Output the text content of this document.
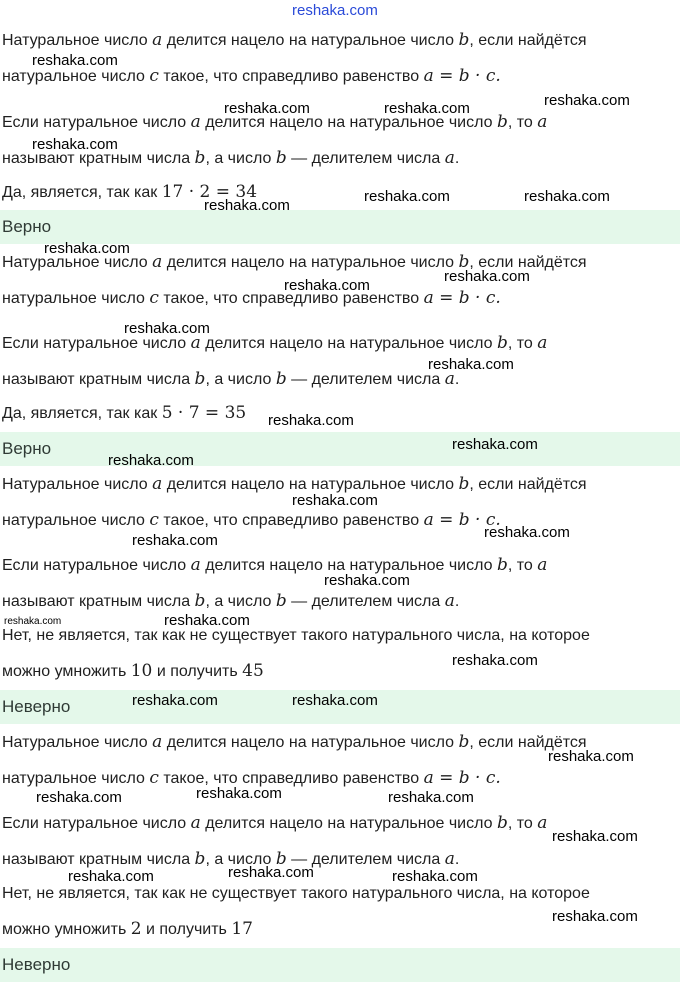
reshaka.com
Натуральное число a делится нацело на натуральное число b, если найдётся
натуральное число c такое, что справедливо равенство a = b · c.
Если натуральное число a делится нацело на натуральное число b, то a
называют кратным числа b, а число b — делителем числа a.
Да, является, так как 17 · 2 = 34
Верно
Натуральное число a делится нацело на натуральное число b, если найдётся
натуральное число c такое, что справедливо равенство a = b · c.
Если натуральное число a делится нацело на натуральное число b, то a
называют кратным числа b, а число b — делителем числа a.
Да, является, так как 5 · 7 = 35
Верно
Натуральное число a делится нацело на натуральное число b, если найдётся
натуральное число c такое, что справедливо равенство a = b · c.
Если натуральное число a делится нацело на натуральное число b, то a
называют кратным числа b, а число b — делителем числа a.
Нет, не является, так как не существует такого натурального числа, на которое
можно умножить 10 и получить 45
Неверно
Натуральное число a делится нацело на натуральное число b, если найдётся
натуральное число c такое, что справедливо равенство a = b · c.
Если натуральное число a делится нацело на натуральное число b, то a
называют кратным числа b, а число b — делителем числа a.
Нет, не является, так как не существует такого натурального числа, на которое
можно умножить 2 и получить 17
Неверно
reshaka.com
reshaka.com	reshaka.com	reshaka.com
reshaka.com
reshaka.com
reshaka.com	reshaka.com
reshaka.com
reshaka.com
reshaka.com
reshaka.com
reshaka.com
reshaka.com
reshaka.com
reshaka.com
reshaka.com
reshaka.com
reshaka.com
reshaka.com
reshaka.com	reshaka.com
reshaka.com
reshaka.com	reshaka.com
reshaka.com
reshaka.com
reshaka.com	reshaka.com
reshaka.com
reshaka.com	reshaka.com	reshaka.com
reshaka.com
